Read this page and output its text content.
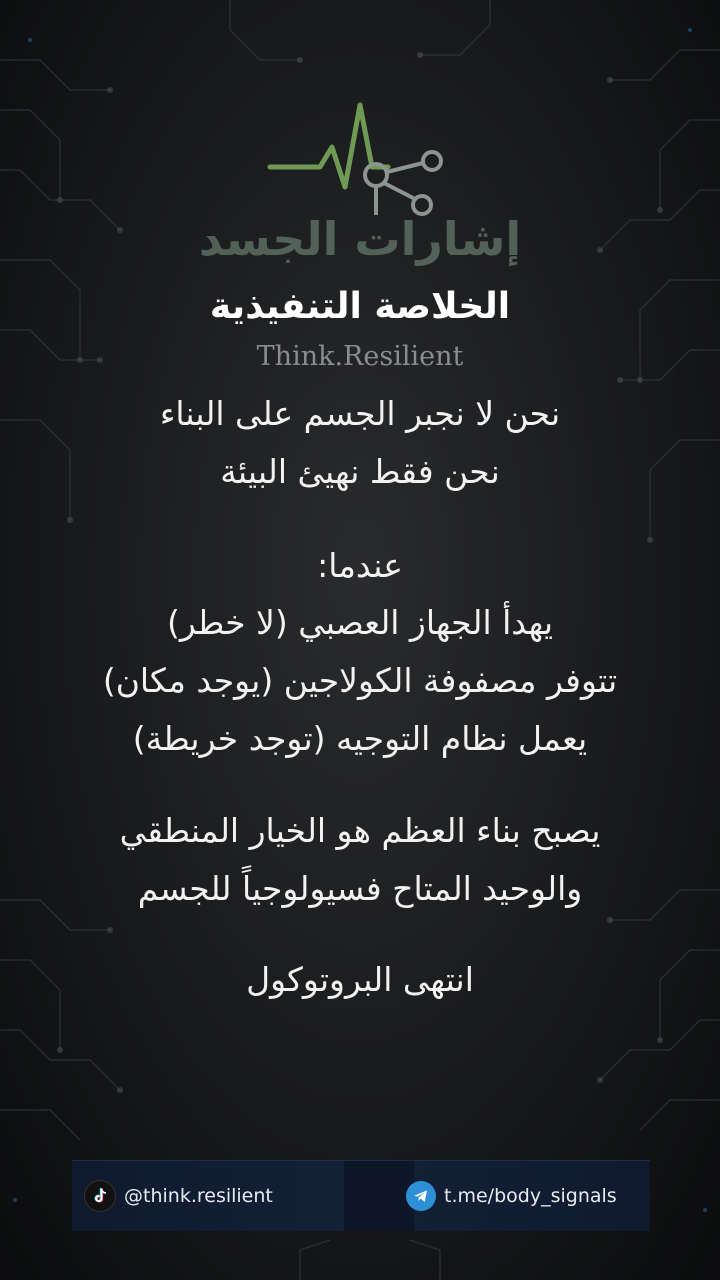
إشارات الجسد
الخلاصة التنفيذية
Think.Resilient
نحن لا نجبر الجسم على البناء
نحن فقط نهيئ البيئة
عندما:
يهدأ الجهاز العصبي (لا خطر)
تتوفر مصفوفة الكولاجين (يوجد مكان)
يعمل نظام التوجيه (توجد خريطة)
يصبح بناء العظم هو الخيار المنطقي
والوحيد المتاح فسيولوجياً للجسم
انتهى البروتوكول
@think.resilient	t.me/body_signals
